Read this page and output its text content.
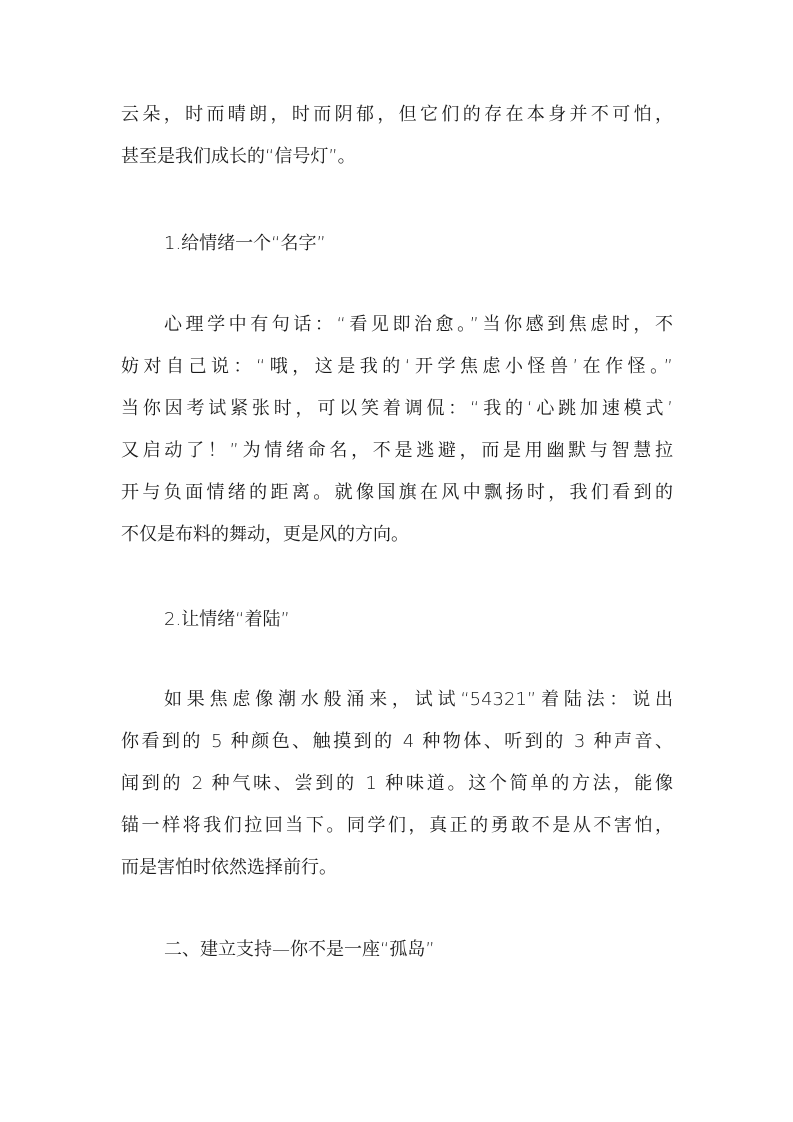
云朵，时而晴朗，时而阴郁，但它们的存在本身并不可怕，
甚至是我们成长的“信号灯”。
1.给情绪一个“名字”
心理学中有句话：“看见即治愈。”当你感到焦虑时，不
妨对自己说：“哦，这是我的‘开学焦虑小怪兽’在作怪。”
当你因考试紧张时，可以笑着调侃：“我的‘心跳加速模式’
又启动了！”为情绪命名，不是逃避，而是用幽默与智慧拉
开与负面情绪的距离。就像国旗在风中飘扬时，我们看到的
不仅是布料的舞动，更是风的方向。
2.让情绪“着陆”
如果焦虑像潮水般涌来，试试“54321”着陆法：说出
你看到的 5 种颜色、触摸到的 4 种物体、听到的 3 种声音、
闻到的 2 种气味、尝到的 1 种味道。这个简单的方法，能像
锚一样将我们拉回当下。同学们，真正的勇敢不是从不害怕，
而是害怕时依然选择前行。
二、建立支持—你不是一座“孤岛”
